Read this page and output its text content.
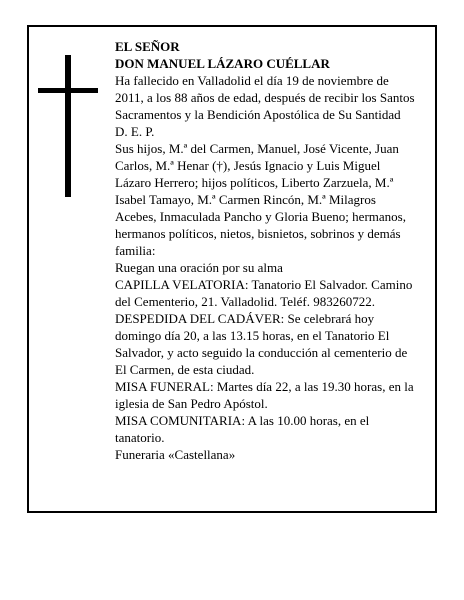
EL SEÑOR

DON MANUEL LÁZARO CUÉLLAR

Ha fallecido en Valladolid el día 19 de noviembre de 2011, a los 88 años de edad, después de recibir los Santos Sacramentos y la Bendición Apostólica de Su Santidad

D. E. P.

Sus hijos, M.ª del Carmen, Manuel, José Vicente, Juan Carlos, M.ª Henar (†), Jesús Ignacio y Luis Miguel Lázaro Herrero; hijos políticos, Liberto Zarzuela, M.ª Isabel Tamayo, M.ª Carmen Rincón, M.ª Milagros Acebes, Inmaculada Pancho y Gloria Bueno; hermanos, hermanos políticos, nietos, bisnietos, sobrinos y demás familia:

Ruegan una oración por su alma

CAPILLA VELATORIA: Tanatorio El Salvador. Camino del Cementerio, 21. Valladolid. Teléf. 983260722.

DESPEDIDA DEL CADÁVER: Se celebrará hoy domingo día 20, a las 13.15 horas, en el Tanatorio El Salvador, y acto seguido la conducción al cementerio de El Carmen, de esta ciudad.

MISA FUNERAL: Martes día 22, a las 19.30 horas, en la iglesia de San Pedro Apóstol.

MISA COMUNITARIA: A las 10.00 horas, en el tanatorio.

Funeraria «Castellana»
